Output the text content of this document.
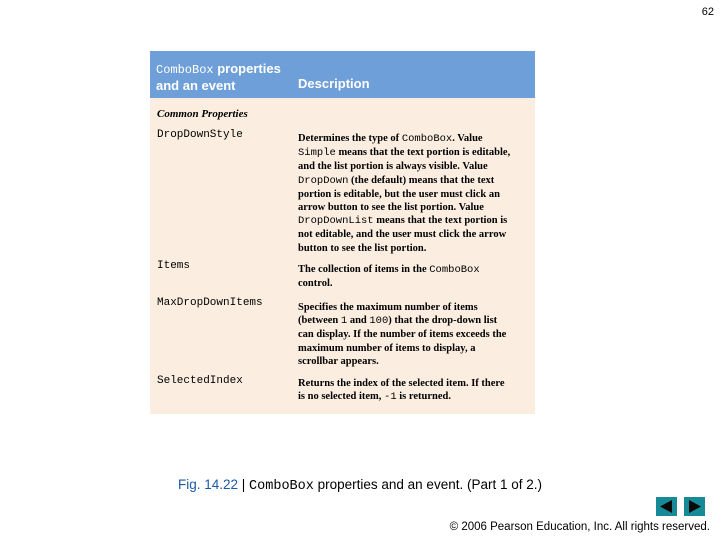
62
ComboBox properties
and an event	Description
Common Properties
DropDownStyle	Determines the type of ComboBox. Value
Simple means that the text portion is editable,
and the list portion is always visible. Value
DropDown (the default) means that the text
portion is editable, but the user must click an
arrow button to see the list portion. Value
DropDownList means that the text portion is
not editable, and the user must click the arrow
button to see the list portion.
Items	The collection of items in the ComboBox
control.
MaxDropDownItems	Specifies the maximum number of items
(between 1 and 100) that the drop-down list
can display. If the number of items exceeds the
maximum number of items to display, a
scrollbar appears.
SelectedIndex	Returns the index of the selected item. If there
is no selected item, -1 is returned.
Fig. 14.22 | ComboBox properties and an event. (Part 1 of 2.)
© 2006 Pearson Education, Inc. All rights reserved.
